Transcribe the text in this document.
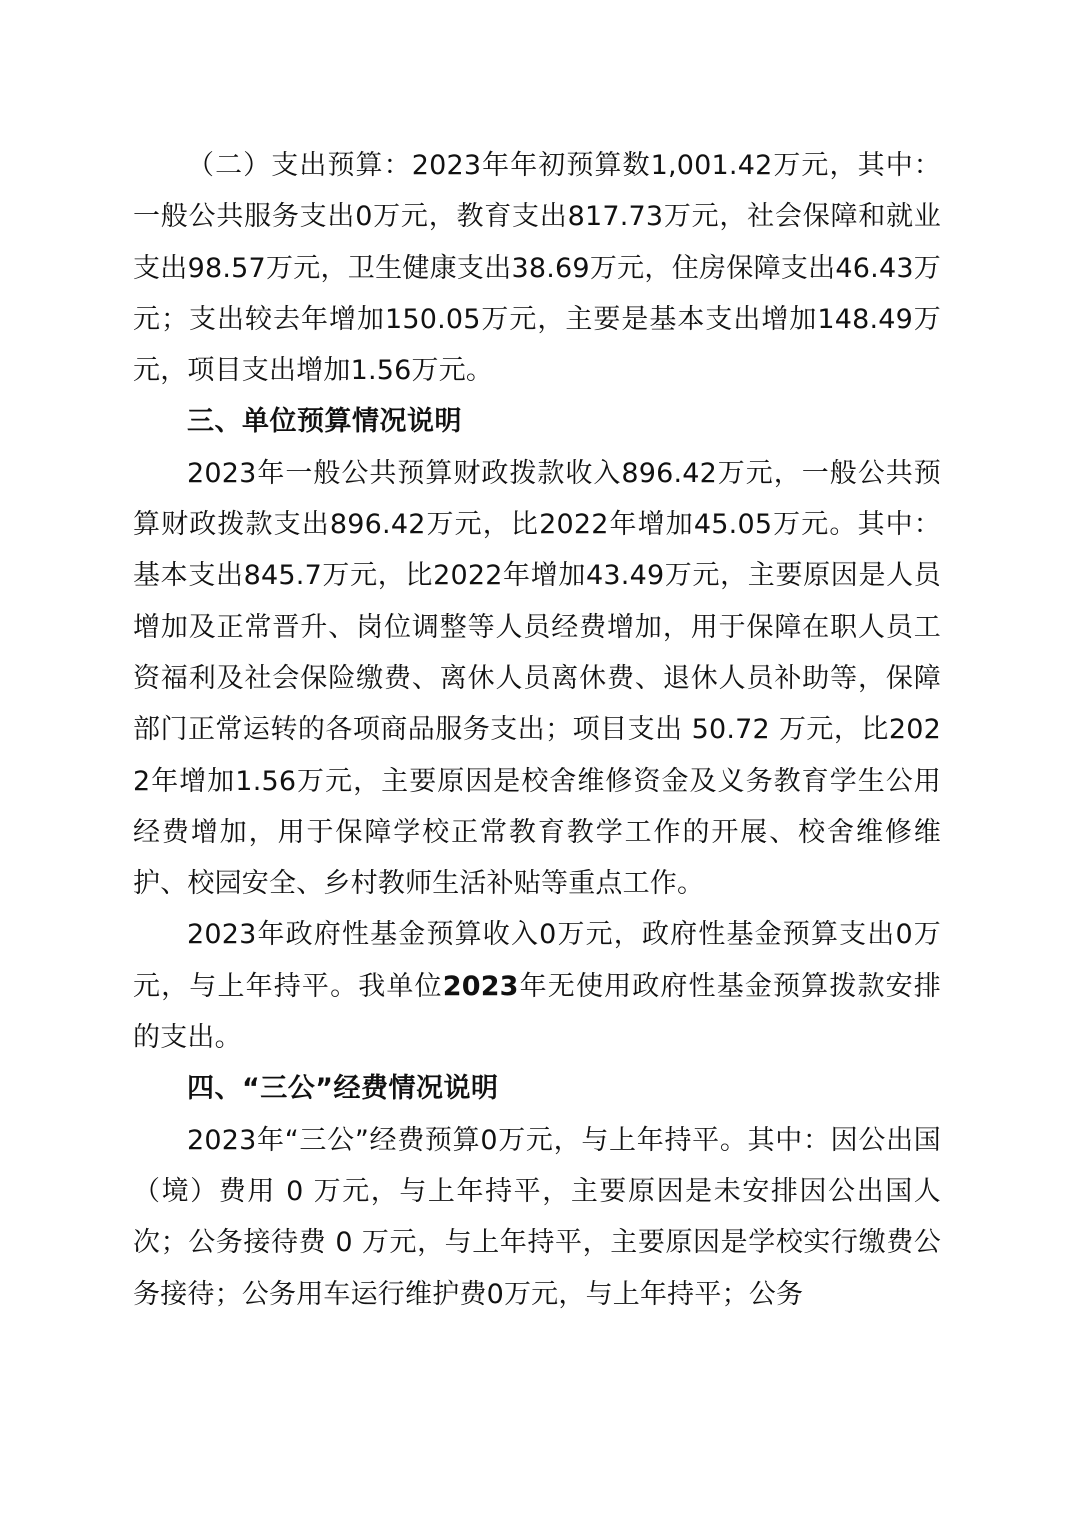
（二）支出预算：2023年年初预算数1,001.42万元，其中：一般公共服务支出0万元，教育支出817.73万元，社会保障和就业支出98.57万元，卫生健康支出38.69万元，住房保障支出46.43万元；支出较去年增加150.05万元，主要是基本支出增加148.49万元，项目支出增加1.56万元。

三、单位预算情况说明

2023年一般公共预算财政拨款收入896.42万元，一般公共预算财政拨款支出896.42万元，比2022年增加45.05万元。其中：基本支出845.7万元，比2022年增加43.49万元，主要原因是人员增加及正常晋升、岗位调整等人员经费增加，用于保障在职人员工资福利及社会保险缴费、离休人员离休费、退休人员补助等，保障部门正常运转的各项商品服务支出；项目支出 50.72 万元，比2022年增加1.56万元，主要原因是校舍维修资金及义务教育学生公用经费增加，用于保障学校正常教育教学工作的开展、校舍维修维护、校园安全、乡村教师生活补贴等重点工作。

2023年政府性基金预算收入0万元，政府性基金预算支出0万元，与上年持平。我单位2023年无使用政府性基金预算拨款安排的支出。

四、“三公”经费情况说明

2023年“三公”经费预算0万元，与上年持平。其中：因公出国（境）费用 0 万元，与上年持平，主要原因是未安排因公出国人次；公务接待费 0 万元，与上年持平，主要原因是学校实行缴费公务接待；公务用车运行维护费0万元，与上年持平；公务
